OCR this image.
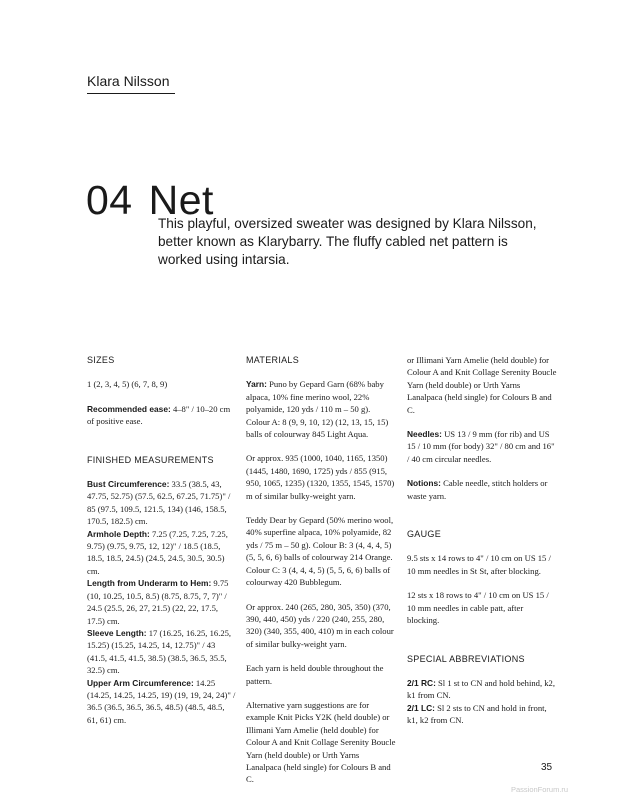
Klara Nilsson
04 Net
This playful, oversized sweater was designed by Klara Nilsson, better known as Klarybarry. The fluffy cabled net pattern is worked using intarsia.
SIZES
1 (2, 3, 4, 5) (6, 7, 8, 9)
Recommended ease: 4–8" / 10–20 cm of positive ease.
FINISHED MEASUREMENTS
Bust Circumference: 33.5 (38.5, 43, 47.75, 52.75) (57.5, 62.5, 67.25, 71.75)" / 85 (97.5, 109.5, 121.5, 134) (146, 158.5, 170.5, 182.5) cm.
Armhole Depth: 7.25 (7.25, 7.25, 7.25, 9.75) (9.75, 9.75, 12, 12)" / 18.5 (18.5, 18.5, 18.5, 24.5) (24.5, 24.5, 30.5, 30.5) cm.
Length from Underarm to Hem: 9.75 (10, 10.25, 10.5, 8.5) (8.75, 8.75, 7, 7)" / 24.5 (25.5, 26, 27, 21.5) (22, 22, 17.5, 17.5) cm.
Sleeve Length: 17 (16.25, 16.25, 16.25, 15.25) (15.25, 14.25, 14, 12.75)" / 43 (41.5, 41.5, 41.5, 38.5) (38.5, 36.5, 35.5, 32.5) cm.
Upper Arm Circumference: 14.25 (14.25, 14.25, 14.25, 19) (19, 19, 24, 24)" / 36.5 (36.5, 36.5, 36.5, 48.5) (48.5, 48.5, 61, 61) cm.
MATERIALS
Yarn: Puno by Gepard Garn (68% baby alpaca, 10% fine merino wool, 22% polyamide, 120 yds / 110 m – 50 g). Colour A: 8 (9, 9, 10, 12) (12, 13, 15, 15) balls of colourway 845 Light Aqua.
Or approx. 935 (1000, 1040, 1165, 1350) (1445, 1480, 1690, 1725) yds / 855 (915, 950, 1065, 1235) (1320, 1355, 1545, 1570) m of similar bulky-weight yarn.
Teddy Dear by Gepard (50% merino wool, 40% superfine alpaca, 10% polyamide, 82 yds / 75 m – 50 g). Colour B: 3 (4, 4, 4, 5) (5, 5, 6, 6) balls of colourway 214 Orange. Colour C: 3 (4, 4, 4, 5) (5, 5, 6, 6) balls of colourway 420 Bubblegum.
Or approx. 240 (265, 280, 305, 350) (370, 390, 440, 450) yds / 220 (240, 255, 280, 320) (340, 355, 400, 410) m in each colour of similar bulky-weight yarn.
Each yarn is held double throughout the pattern.
Alternative yarn suggestions are for example Knit Picks Y2K (held double) or Illimani Yarn Amelie (held double) for Colour A and Knit Collage Serenity Boucle Yarn (held double) or Urth Yarns Lanalpaca (held single) for Colours B and C.
or Illimani Yarn Amelie (held double) for Colour A and Knit Collage Serenity Boucle Yarn (held double) or Urth Yarns Lanalpaca (held single) for Colours B and C.
Needles: US 13 / 9 mm (for rib) and US 15 / 10 mm (for body) 32" / 80 cm and 16" / 40 cm circular needles.
Notions: Cable needle, stitch holders or waste yarn.
GAUGE
9.5 sts x 14 rows to 4" / 10 cm on US 15 / 10 mm needles in St St, after blocking.
12 sts x 18 rows to 4" / 10 cm on US 15 / 10 mm needles in cable patt, after blocking.
SPECIAL ABBREVIATIONS
2/1 RC: Sl 1 st to CN and hold behind, k2, k1 from CN.
2/1 LC: Sl 2 sts to CN and hold in front, k1, k2 from CN.
35
PassionForum.ru
